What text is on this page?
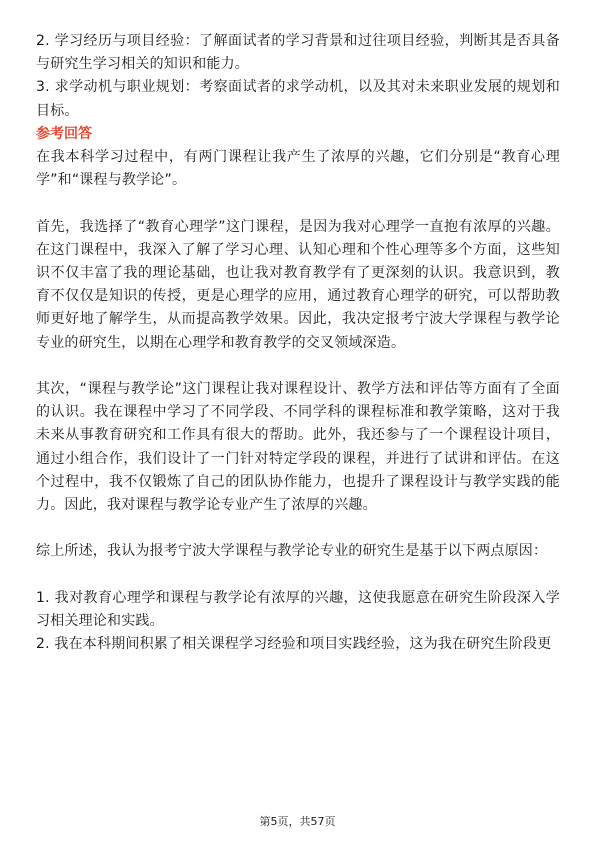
2. 学习经历与项目经验：了解面试者的学习背景和过往项目经验，判断其是否具备与研究生学习相关的知识和能力。

3. 求学动机与职业规划：考察面试者的求学动机，以及其对未来职业发展的规划和目标。

参考回答

在我本科学习过程中，有两门课程让我产生了浓厚的兴趣，它们分别是“教育心理学”和“课程与教学论”。

首先，我选择了“教育心理学”这门课程，是因为我对心理学一直抱有浓厚的兴趣。在这门课程中，我深入了解了学习心理、认知心理和个性心理等多个方面，这些知识不仅丰富了我的理论基础，也让我对教育教学有了更深刻的认识。我意识到，教育不仅仅是知识的传授，更是心理学的应用，通过教育心理学的研究，可以帮助教师更好地了解学生，从而提高教学效果。因此，我决定报考宁波大学课程与教学论专业的研究生，以期在心理学和教育教学的交叉领域深造。

其次，“课程与教学论”这门课程让我对课程设计、教学方法和评估等方面有了全面的认识。我在课程中学习了不同学段、不同学科的课程标准和教学策略，这对于我未来从事教育研究和工作具有很大的帮助。此外，我还参与了一个课程设计项目，通过小组合作，我们设计了一门针对特定学段的课程，并进行了试讲和评估。在这个过程中，我不仅锻炼了自己的团队协作能力，也提升了课程设计与教学实践的能力。因此，我对课程与教学论专业产生了浓厚的兴趣。

综上所述，我认为报考宁波大学课程与教学论专业的研究生是基于以下两点原因：

1. 我对教育心理学和课程与教学论有浓厚的兴趣，这使我愿意在研究生阶段深入学习相关理论和实践。

2. 我在本科期间积累了相关课程学习经验和项目实践经验，这为我在研究生阶段更

第5页，共57页
